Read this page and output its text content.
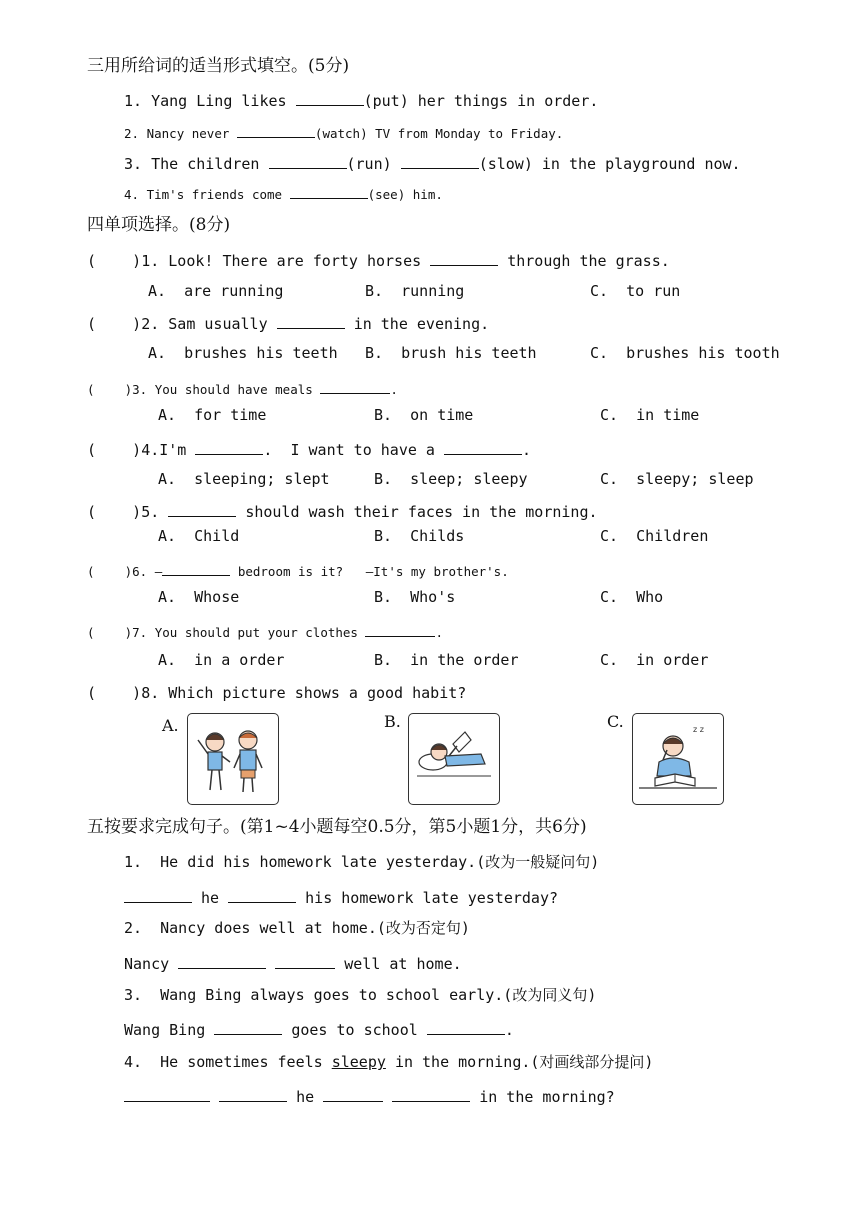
三用所给词的适当形式填空。(5分)
1. Yang Ling likes	(put) her things in order.
2. Nancy never	(watch) TV from Monday to Friday.
3. The children	(run)	(slow) in the playground now.
4. Tim's friends come	(see) him.
四单项选择。(8分)
(    )1. Look! There are forty horses	through the grass.
A.  are running	B.  running	C.  to run
(    )2. Sam usually	in the evening.
A.  brushes his teeth B.  brush his teeth	C.  brushes his tooth
(    )3. You should have meals	.
A.  for time	B.  on time	C.  in time
(    )4.I'm	.  I want to have a	.
A.  sleeping; slept	B.  sleep; sleepy	C.  sleepy; sleep
(    )5.	should wash their faces in the morning.
A.  Child	B.  Childs	C.  Children
(    )6. —	bedroom is it?   —It's my brother's.
A.  Whose	B.  Who's	C.  Who
(    )7. You should put your clothes	.
A.  in a order	B.  in the order	C.  in order
(    )8. Which picture shows a good habit?
A.	B.	C.	z z
五按要求完成句子。(第1~4小题每空0.5分，第5小题1分，共6分)
1.  He did his homework late yesterday.(改为一般疑问句)
he	his homework late yesterday?
2.  Nancy does well at home.(改为否定句)
Nancy	well at home.
3.  Wang Bing always goes to school early.(改为同义句)
Wang Bing	goes to school	.
4.  He sometimes feels sleepy in the morning.(对画线部分提问)
he	in the morning?
